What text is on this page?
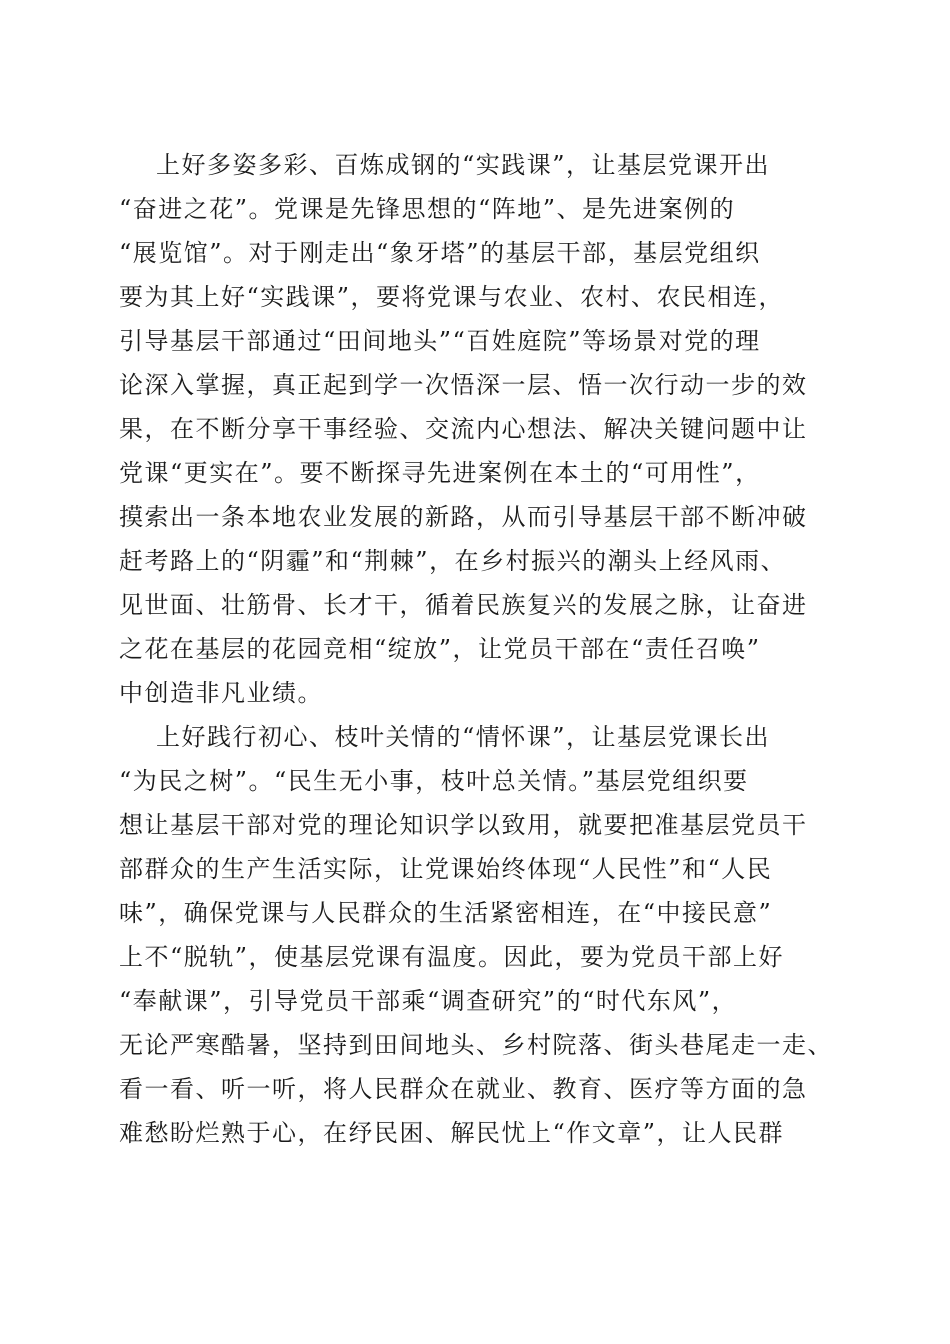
上好多姿多彩、百炼成钢的“实践课”，让基层党课开出
“奋进之花”。党课是先锋思想的“阵地”、是先进案例的
“展览馆”。对于刚走出“象牙塔”的基层干部，基层党组织
要为其上好“实践课”，要将党课与农业、农村、农民相连，
引导基层干部通过“田间地头”“百姓庭院”等场景对党的理
论深入掌握，真正起到学一次悟深一层、悟一次行动一步的效
果，在不断分享干事经验、交流内心想法、解决关键问题中让
党课“更实在”。要不断探寻先进案例在本土的“可用性”，
摸索出一条本地农业发展的新路，从而引导基层干部不断冲破
赶考路上的“阴霾”和“荆棘”，在乡村振兴的潮头上经风雨、
见世面、壮筋骨、长才干，循着民族复兴的发展之脉，让奋进
之花在基层的花园竞相“绽放”，让党员干部在“责任召唤”
中创造非凡业绩。
上好践行初心、枝叶关情的“情怀课”，让基层党课长出
“为民之树”。“民生无小事，枝叶总关情。”基层党组织要
想让基层干部对党的理论知识学以致用，就要把准基层党员干
部群众的生产生活实际，让党课始终体现“人民性”和“人民
味”，确保党课与人民群众的生活紧密相连，在“中接民意”
上不“脱轨”，使基层党课有温度。因此，要为党员干部上好
“奉献课”，引导党员干部乘“调查研究”的“时代东风”，
无论严寒酷暑，坚持到田间地头、乡村院落、街头巷尾走一走、
看一看、听一听，将人民群众在就业、教育、医疗等方面的急
难愁盼烂熟于心，在纾民困、解民忧上“作文章”，让人民群
